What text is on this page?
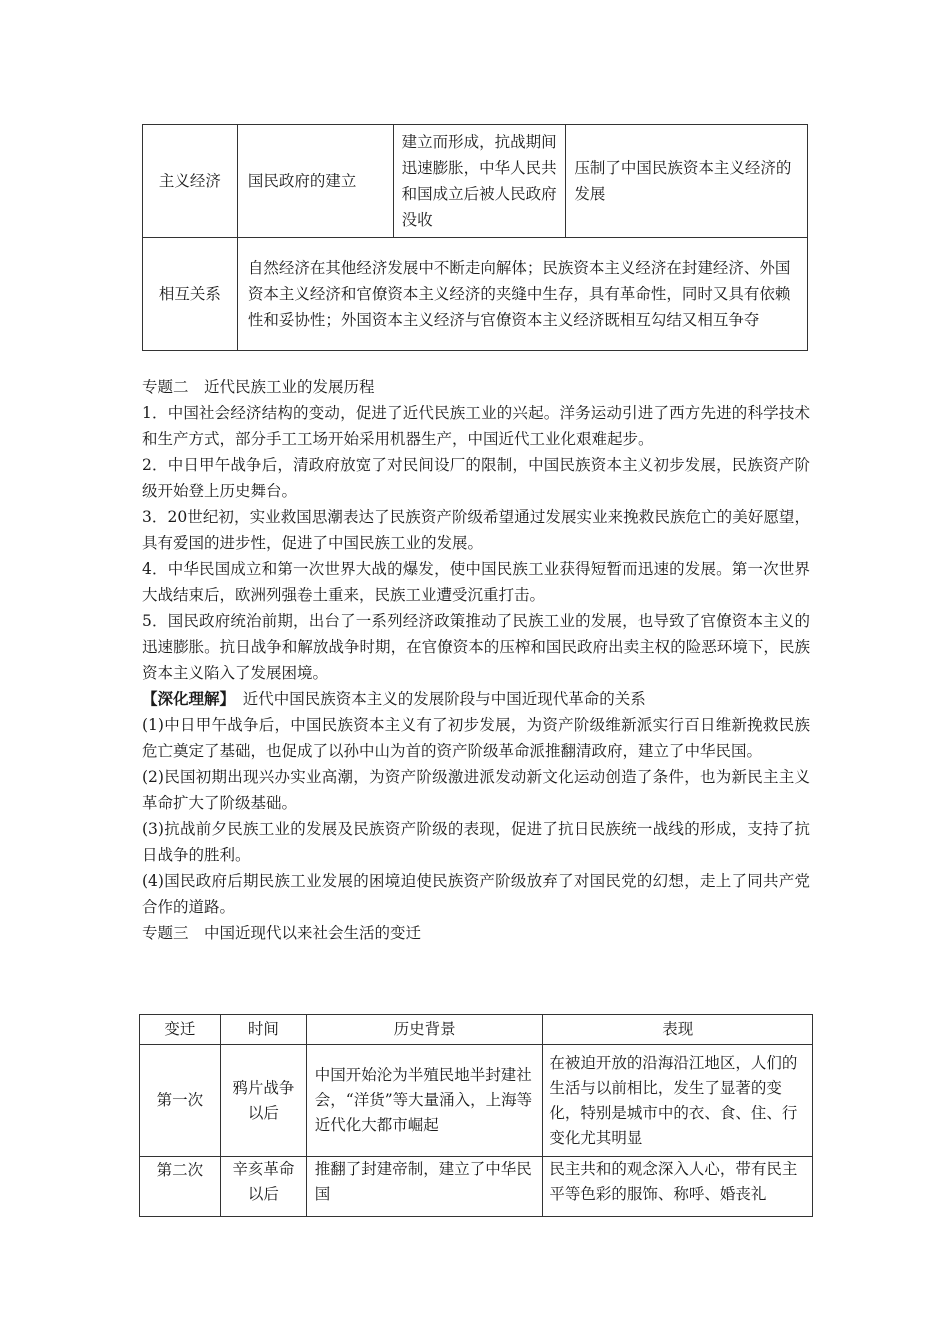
主义经济	国民政府的建立	建立而形成，抗战期间迅速膨胀，中华人民共和国成立后被人民政府没收	压制了中国民族资本主义经济的发展
相互关系	自然经济在其他经济发展中不断走向解体；民族资本主义经济在封建经济、外国资本主义经济和官僚资本主义经济的夹缝中生存，具有革命性，同时又具有依赖性和妥协性；外国资本主义经济与官僚资本主义经济既相互勾结又相互争夺		

专题二　近代民族工业的发展历程

1．中国社会经济结构的变动，促进了近代民族工业的兴起。洋务运动引进了西方先进的科学技术和生产方式，部分手工工场开始采用机器生产，中国近代工业化艰难起步。

2．中日甲午战争后，清政府放宽了对民间设厂的限制，中国民族资本主义初步发展，民族资产阶级开始登上历史舞台。

3．20世纪初，实业救国思潮表达了民族资产阶级希望通过发展实业来挽救民族危亡的美好愿望，具有爱国的进步性，促进了中国民族工业的发展。

4．中华民国成立和第一次世界大战的爆发，使中国民族工业获得短暂而迅速的发展。第一次世界大战结束后，欧洲列强卷土重来，民族工业遭受沉重打击。

5．国民政府统治前期，出台了一系列经济政策推动了民族工业的发展，也导致了官僚资本主义的迅速膨胀。抗日战争和解放战争时期，在官僚资本的压榨和国民政府出卖主权的险恶环境下，民族资本主义陷入了发展困境。

【深化理解】  近代中国民族资本主义的发展阶段与中国近现代革命的关系

(1)中日甲午战争后，中国民族资本主义有了初步发展，为资产阶级维新派实行百日维新挽救民族危亡奠定了基础，也促成了以孙中山为首的资产阶级革命派推翻清政府，建立了中华民国。

(2)民国初期出现兴办实业高潮，为资产阶级激进派发动新文化运动创造了条件，也为新民主主义革命扩大了阶级基础。

(3)抗战前夕民族工业的发展及民族资产阶级的表现，促进了抗日民族统一战线的形成，支持了抗日战争的胜利。

(4)国民政府后期民族工业发展的困境迫使民族资产阶级放弃了对国民党的幻想，走上了同共产党合作的道路。

专题三　中国近现代以来社会生活的变迁

变迁	时间	历史背景	表现
第一次	鸦片战争以后	中国开始沦为半殖民地半封建社会，“洋货”等大量涌入，上海等近代化大都市崛起	在被迫开放的沿海沿江地区，人们的生活与以前相比，发生了显著的变化，特别是城市中的衣、食、住、行变化尤其明显
第二次	辛亥革命以后	推翻了封建帝制，建立了中华民国	民主共和的观念深入人心，带有民主平等色彩的服饰、称呼、婚丧礼
